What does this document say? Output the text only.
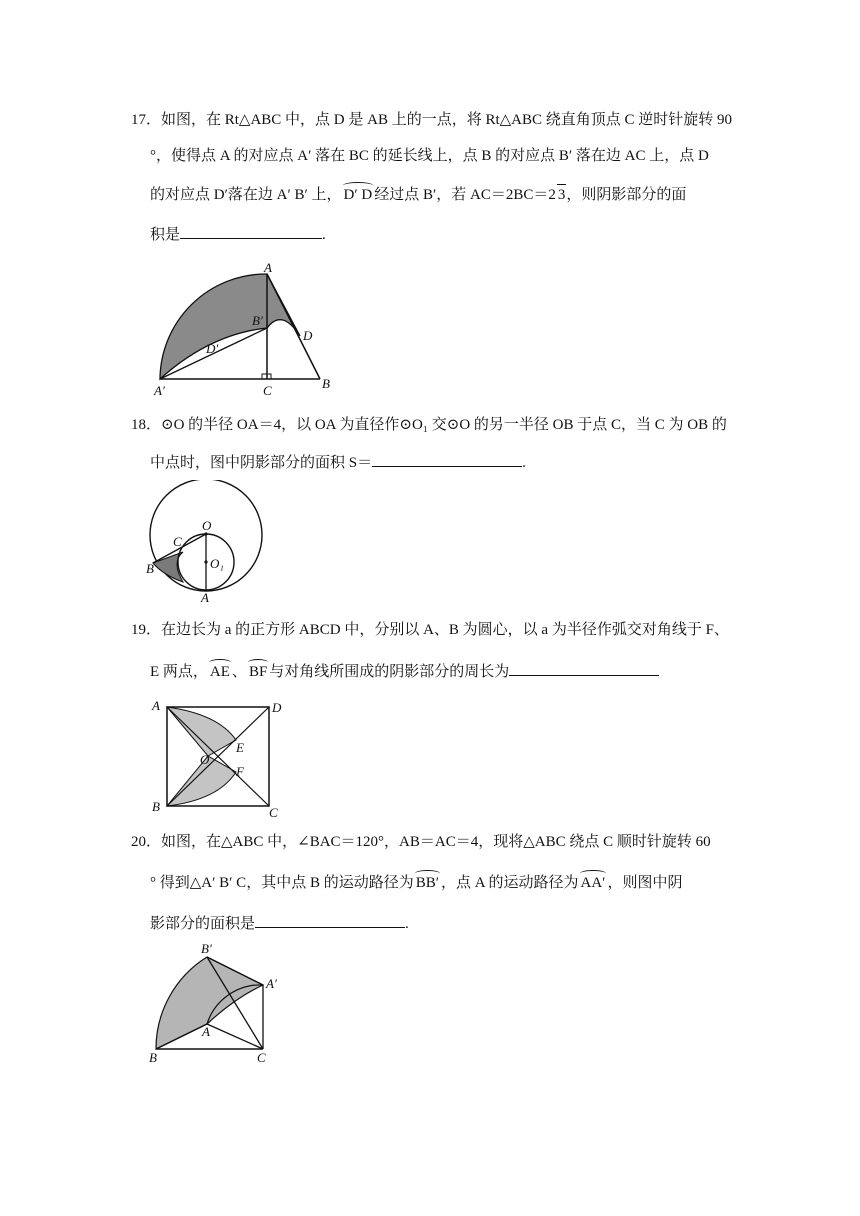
17．如图，在 Rt△ABC 中，点 D 是 AB 上的一点，将 Rt△ABC 绕直角顶点 C 逆时针旋转 90
°，使得点 A 的对应点 A′ 落在 BC 的延长线上，点 B 的对应点 B′ 落在边 AC 上，点 D
的对应点 D′落在边 A′ B′ 上， D′ D 经过点 B′，若 AC＝2BC＝2 3，则阴影部分的面
积是	.
A
B′
D
D′
A′	C	B
18．⊙O 的半径 OA＝4，以 OA 为直径作⊙O₁ 交⊙O 的另一半径 OB 于点 C，当 C 为 OB 的
中点时，图中阴影部分的面积 S＝	.
O
C
B	O₁
A
19．在边长为 a 的正方形 ABCD 中，分别以 A、B 为圆心，以 a 为半径作弧交对角线于 F、
E 两点， AE 、 BF 与对角线所围成的阴影部分的周长为
A	D
E
O
F
B	C
20．如图，在△ABC 中，∠BAC＝120°，AB＝AC＝4，现将△ABC 绕点 C 顺时针旋转 60
° 得到△A′ B′ C，其中点 B 的运动路径为 BB′ ，点 A 的运动路径为 AA′ ，则图中阴
影部分的面积是	.
B′
A′
A
B	C
